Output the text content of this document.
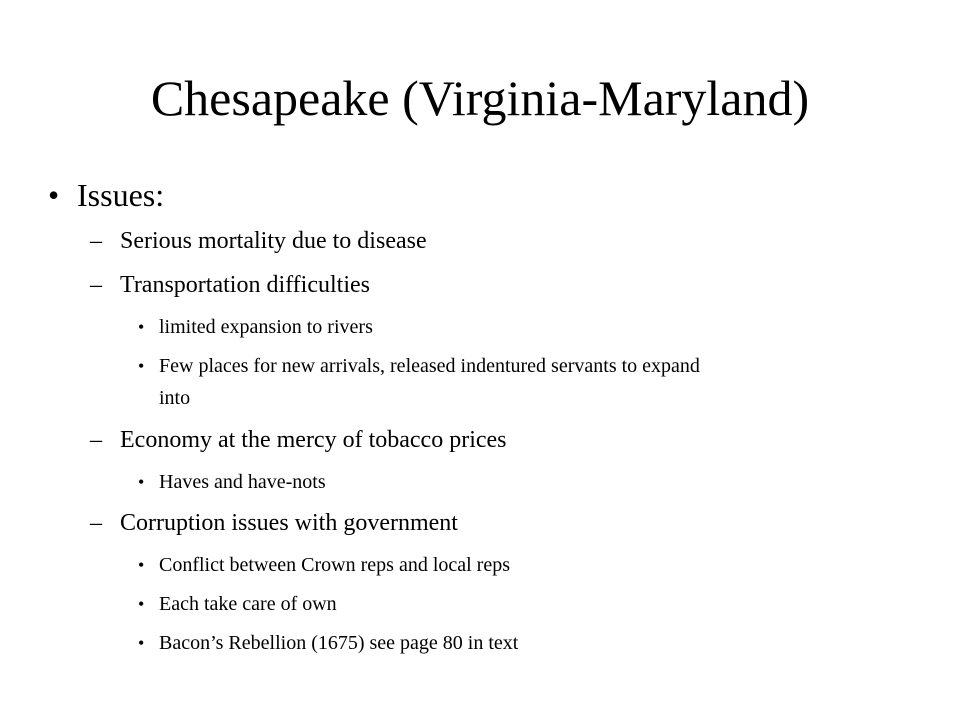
Chesapeake (Virginia-Maryland)
• Issues:
– Serious mortality due to disease
– Transportation difficulties
• limited expansion to rivers
• Few places for new arrivals, released indentured servants to expand
into
– Economy at the mercy of tobacco prices
• Haves and have-nots
– Corruption issues with government
• Conflict between Crown reps and local reps
• Each take care of own
• Bacon’s Rebellion (1675) see page 80 in text
